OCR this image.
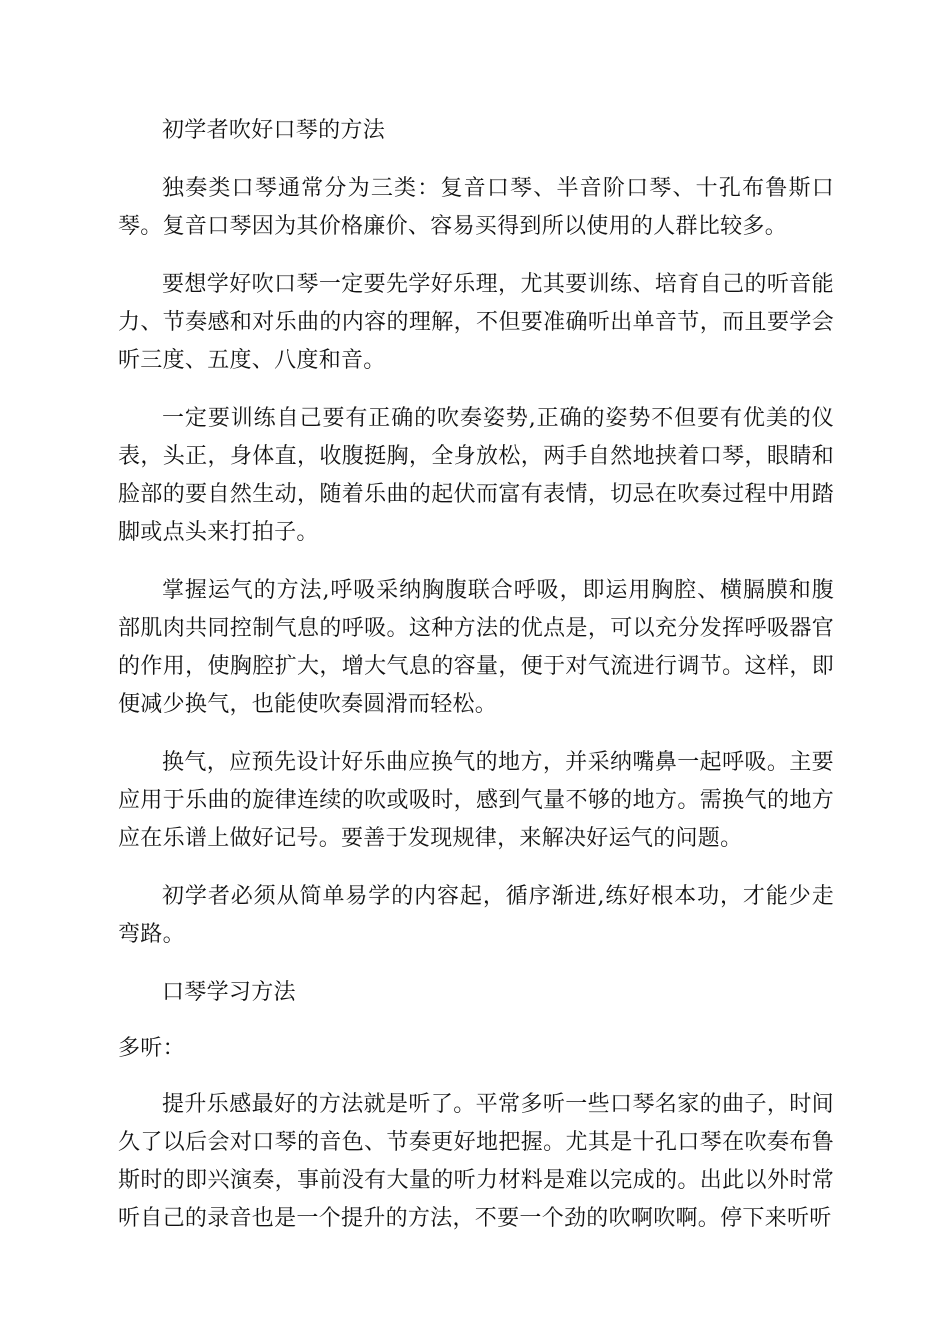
初学者吹好口琴的方法

独奏类口琴通常分为三类：复音口琴、半音阶口琴、十孔布鲁斯口琴。复音口琴因为其价格廉价、容易买得到所以使用的人群比较多。

要想学好吹口琴一定要先学好乐理，尤其要训练、培育自己的听音能力、节奏感和对乐曲的内容的理解，不但要准确听出单音节，而且要学会听三度、五度、八度和音。

一定要训练自己要有正确的吹奏姿势,正确的姿势不但要有优美的仪表，头正，身体直，收腹挺胸，全身放松，两手自然地挟着口琴，眼睛和脸部的要自然生动，随着乐曲的起伏而富有表情，切忌在吹奏过程中用踏脚或点头来打拍子。

掌握运气的方法,呼吸采纳胸腹联合呼吸，即运用胸腔、横膈膜和腹部肌肉共同控制气息的呼吸。这种方法的优点是，可以充分发挥呼吸器官的作用，使胸腔扩大，增大气息的容量，便于对气流进行调节。这样，即便减少换气，也能使吹奏圆滑而轻松。

换气，应预先设计好乐曲应换气的地方，并采纳嘴鼻一起呼吸。主要应用于乐曲的旋律连续的吹或吸时，感到气量不够的地方。需换气的地方应在乐谱上做好记号。要善于发现规律，来解决好运气的问题。

初学者必须从简单易学的内容起，循序渐进,练好根本功，才能少走弯路。

口琴学习方法

多听：

提升乐感最好的方法就是听了。平常多听一些口琴名家的曲子，时间久了以后会对口琴的音色、节奏更好地把握。尤其是十孔口琴在吹奏布鲁斯时的即兴演奏，事前没有大量的听力材料是难以完成的。出此以外时常听自己的录音也是一个提升的方法，不要一个劲的吹啊吹啊。停下来听听
